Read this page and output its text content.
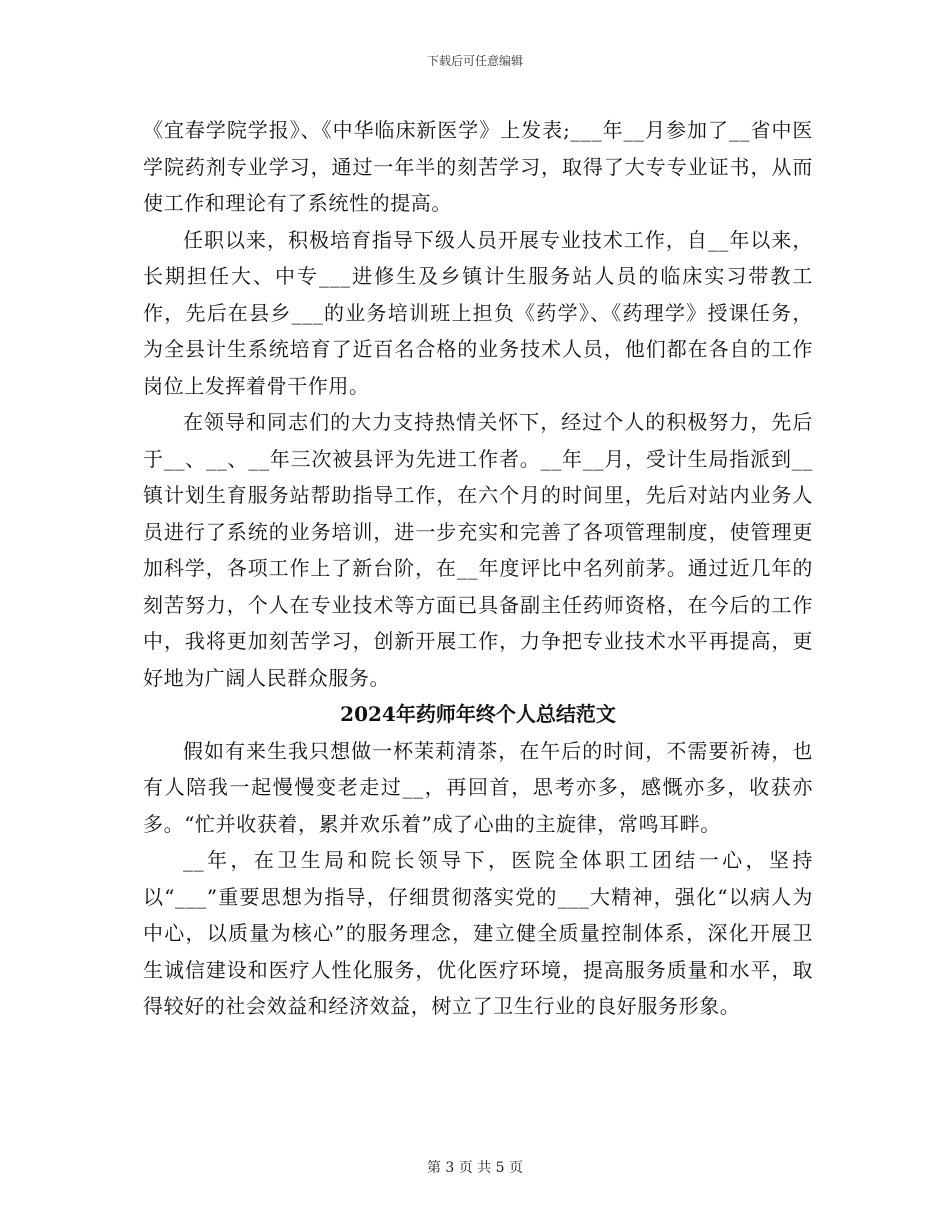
下载后可任意编辑

《宜春学院学报》、《中华临床新医学》上发表;___年__月参加了__省中医学院药剂专业学习，通过一年半的刻苦学习，取得了大专专业证书，从而使工作和理论有了系统性的提高。

任职以来，积极培育指导下级人员开展专业技术工作，自__年以来，长期担任大、中专___进修生及乡镇计生服务站人员的临床实习带教工作，先后在县乡___的业务培训班上担负《药学》、《药理学》授课任务，为全县计生系统培育了近百名合格的业务技术人员，他们都在各自的工作岗位上发挥着骨干作用。

在领导和同志们的大力支持热情关怀下，经过个人的积极努力，先后于__、__、__年三次被县评为先进工作者。__年__月，受计生局指派到__镇计划生育服务站帮助指导工作，在六个月的时间里，先后对站内业务人员进行了系统的业务培训，进一步充实和完善了各项管理制度，使管理更加科学，各项工作上了新台阶，在__年度评比中名列前茅。通过近几年的刻苦努力，个人在专业技术等方面已具备副主任药师资格，在今后的工作中，我将更加刻苦学习，创新开展工作，力争把专业技术水平再提高，更好地为广阔人民群众服务。

2024年药师年终个人总结范文

假如有来生我只想做一杯茉莉清茶，在午后的时间，不需要祈祷，也有人陪我一起慢慢变老走过__，再回首，思考亦多，感慨亦多，收获亦多。“忙并收获着，累并欢乐着”成了心曲的主旋律，常鸣耳畔。

__年，在卫生局和院长领导下，医院全体职工团结一心，坚持以“___”重要思想为指导，仔细贯彻落实党的___大精神，强化“以病人为中心，以质量为核心”的服务理念，建立健全质量控制体系，深化开展卫生诚信建设和医疗人性化服务，优化医疗环境，提高服务质量和水平，取得较好的社会效益和经济效益，树立了卫生行业的良好服务形象。

第 3 页 共 5 页
